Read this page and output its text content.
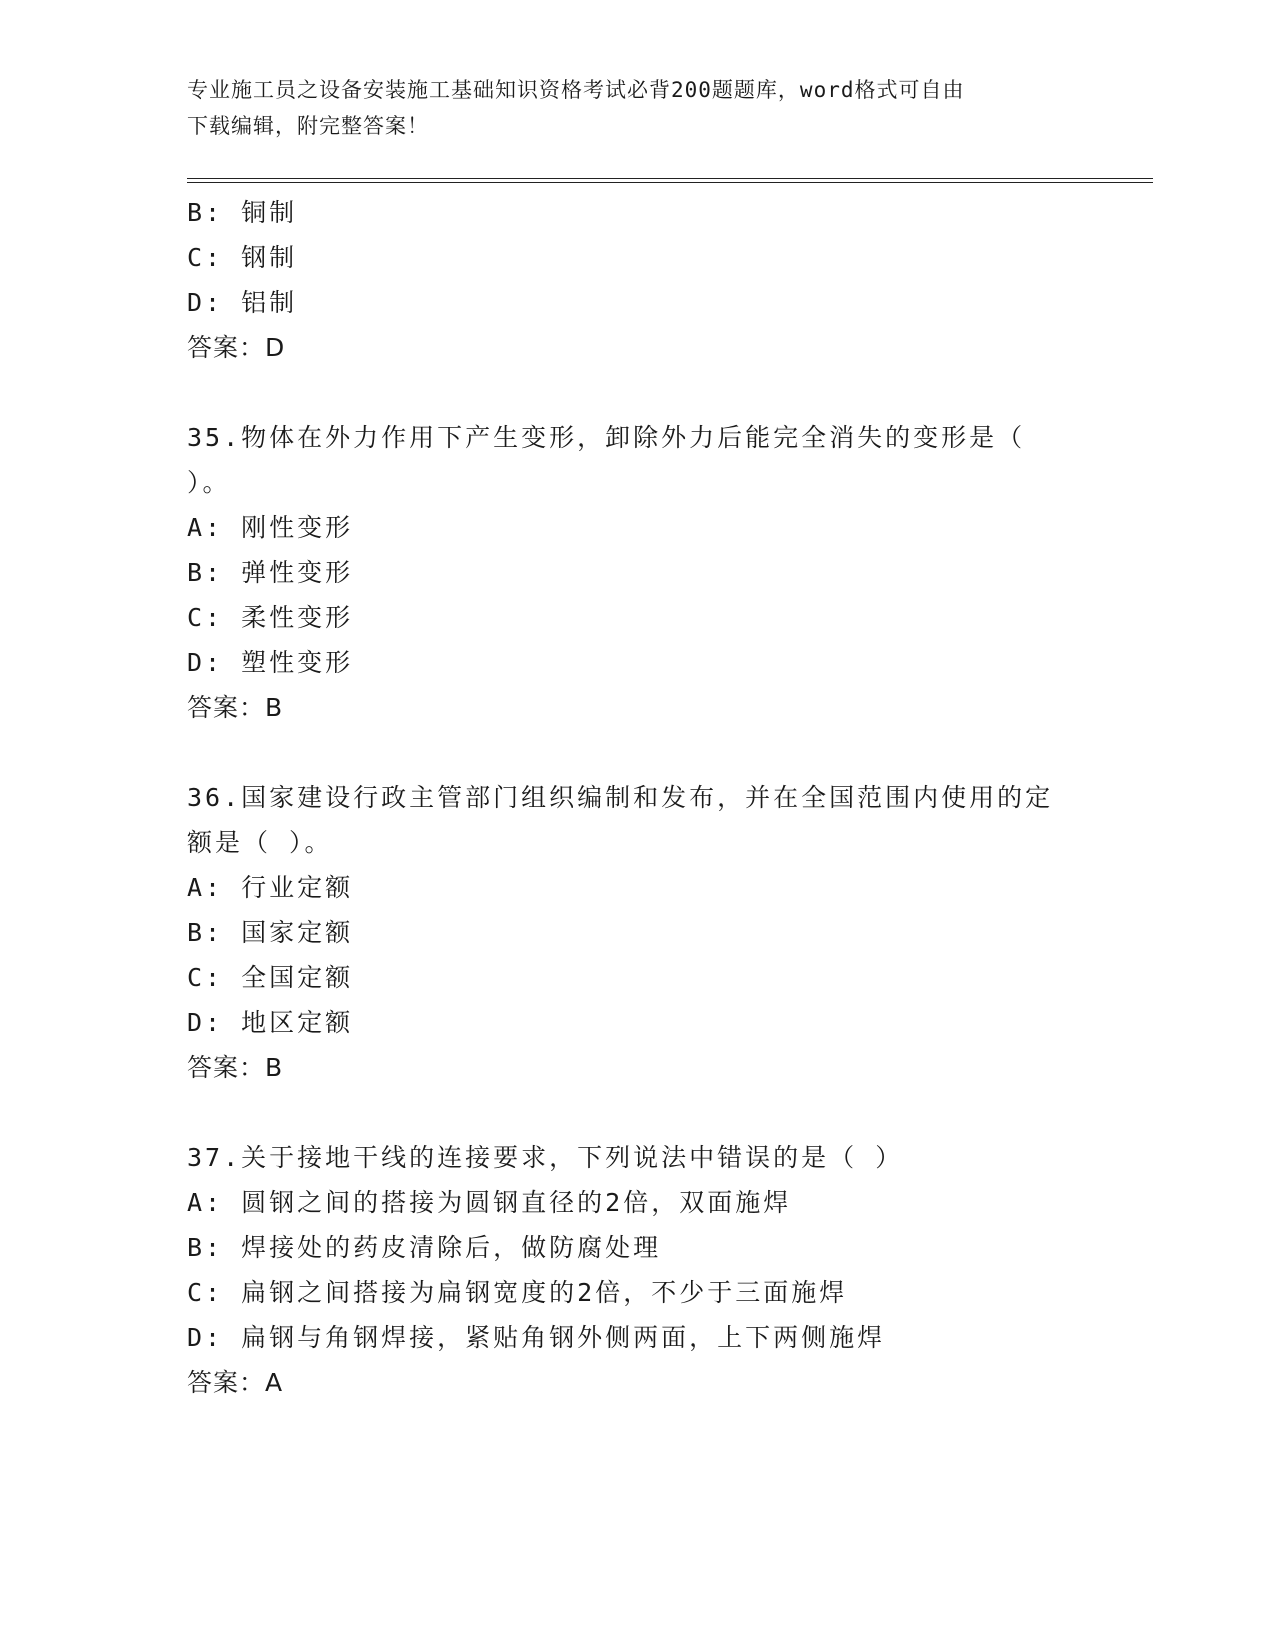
专业施工员之设备安装施工基础知识资格考试必背200题题库，word格式可自由
下载编辑，附完整答案！
B: 铜制
C: 钢制
D: 铝制
答案：D
35.物体在外力作用下产生变形，卸除外力后能完全消失的变形是（
）。
A: 刚性变形
B: 弹性变形
C: 柔性变形
D: 塑性变形
答案：B
36.国家建设行政主管部门组织编制和发布，并在全国范围内使用的定
额是（ ）。
A: 行业定额
B: 国家定额
C: 全国定额
D: 地区定额
答案：B
37.关于接地干线的连接要求，下列说法中错误的是（ ）
A: 圆钢之间的搭接为圆钢直径的2倍，双面施焊
B: 焊接处的药皮清除后，做防腐处理
C: 扁钢之间搭接为扁钢宽度的2倍，不少于三面施焊
D: 扁钢与角钢焊接，紧贴角钢外侧两面，上下两侧施焊
答案：A
